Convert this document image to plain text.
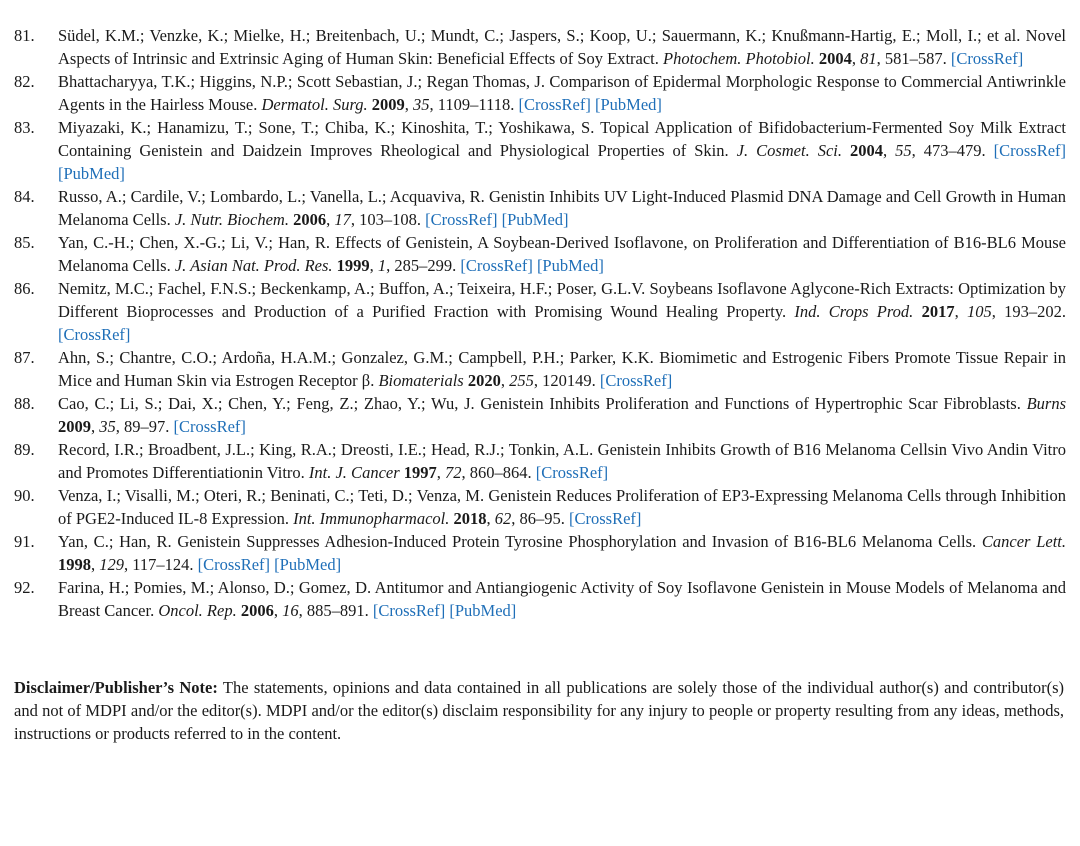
81.	Südel, K.M.; Venzke, K.; Mielke, H.; Breitenbach, U.; Mundt, C.; Jaspers, S.; Koop, U.; Sauermann, K.; Knußmann-Hartig, E.; Moll, I.; et al. Novel Aspects of Intrinsic and Extrinsic Aging of Human Skin: Beneficial Effects of Soy Extract. Photochem. Photobiol. 2004, 81, 581–587. [CrossRef]
82.	Bhattacharyya, T.K.; Higgins, N.P.; Scott Sebastian, J.; Regan Thomas, J. Comparison of Epidermal Morphologic Response to Commercial Antiwrinkle Agents in the Hairless Mouse. Dermatol. Surg. 2009, 35, 1109–1118. [CrossRef] [PubMed]
83.	Miyazaki, K.; Hanamizu, T.; Sone, T.; Chiba, K.; Kinoshita, T.; Yoshikawa, S. Topical Application of Bifidobacterium-Fermented Soy Milk Extract Containing Genistein and Daidzein Improves Rheological and Physiological Properties of Skin. J. Cosmet. Sci. 2004, 55, 473–479. [CrossRef] [PubMed]
84.	Russo, A.; Cardile, V.; Lombardo, L.; Vanella, L.; Acquaviva, R. Genistin Inhibits UV Light-Induced Plasmid DNA Damage and Cell Growth in Human Melanoma Cells. J. Nutr. Biochem. 2006, 17, 103–108. [CrossRef] [PubMed]
85.	Yan, C.-H.; Chen, X.-G.; Li, V.; Han, R. Effects of Genistein, A Soybean-Derived Isoflavone, on Proliferation and Differentiation of B16-BL6 Mouse Melanoma Cells. J. Asian Nat. Prod. Res. 1999, 1, 285–299. [CrossRef] [PubMed]
86.	Nemitz, M.C.; Fachel, F.N.S.; Beckenkamp, A.; Buffon, A.; Teixeira, H.F.; Poser, G.L.V. Soybeans Isoflavone Aglycone-Rich Extracts: Optimization by Different Bioprocesses and Production of a Purified Fraction with Promising Wound Healing Property. Ind. Crops Prod. 2017, 105, 193–202. [CrossRef]
87.	Ahn, S.; Chantre, C.O.; Ardoña, H.A.M.; Gonzalez, G.M.; Campbell, P.H.; Parker, K.K. Biomimetic and Estrogenic Fibers Promote Tissue Repair in Mice and Human Skin via Estrogen Receptor β. Biomaterials 2020, 255, 120149. [CrossRef]
88.	Cao, C.; Li, S.; Dai, X.; Chen, Y.; Feng, Z.; Zhao, Y.; Wu, J. Genistein Inhibits Proliferation and Functions of Hypertrophic Scar Fibroblasts. Burns 2009, 35, 89–97. [CrossRef]
89.	Record, I.R.; Broadbent, J.L.; King, R.A.; Dreosti, I.E.; Head, R.J.; Tonkin, A.L. Genistein Inhibits Growth of B16 Melanoma Cellsin Vivo Andin Vitro and Promotes Differentiationin Vitro. Int. J. Cancer 1997, 72, 860–864. [CrossRef]
90.	Venza, I.; Visalli, M.; Oteri, R.; Beninati, C.; Teti, D.; Venza, M. Genistein Reduces Proliferation of EP3-Expressing Melanoma Cells through Inhibition of PGE2-Induced IL-8 Expression. Int. Immunopharmacol. 2018, 62, 86–95. [CrossRef]
91.	Yan, C.; Han, R. Genistein Suppresses Adhesion-Induced Protein Tyrosine Phosphorylation and Invasion of B16-BL6 Melanoma Cells. Cancer Lett. 1998, 129, 117–124. [CrossRef] [PubMed]
92.	Farina, H.; Pomies, M.; Alonso, D.; Gomez, D. Antitumor and Antiangiogenic Activity of Soy Isoflavone Genistein in Mouse Models of Melanoma and Breast Cancer. Oncol. Rep. 2006, 16, 885–891. [CrossRef] [PubMed]
Disclaimer/Publisher’s Note: The statements, opinions and data contained in all publications are solely those of the individual author(s) and contributor(s) and not of MDPI and/or the editor(s). MDPI and/or the editor(s) disclaim responsibility for any injury to people or property resulting from any ideas, methods, instructions or products referred to in the content.
